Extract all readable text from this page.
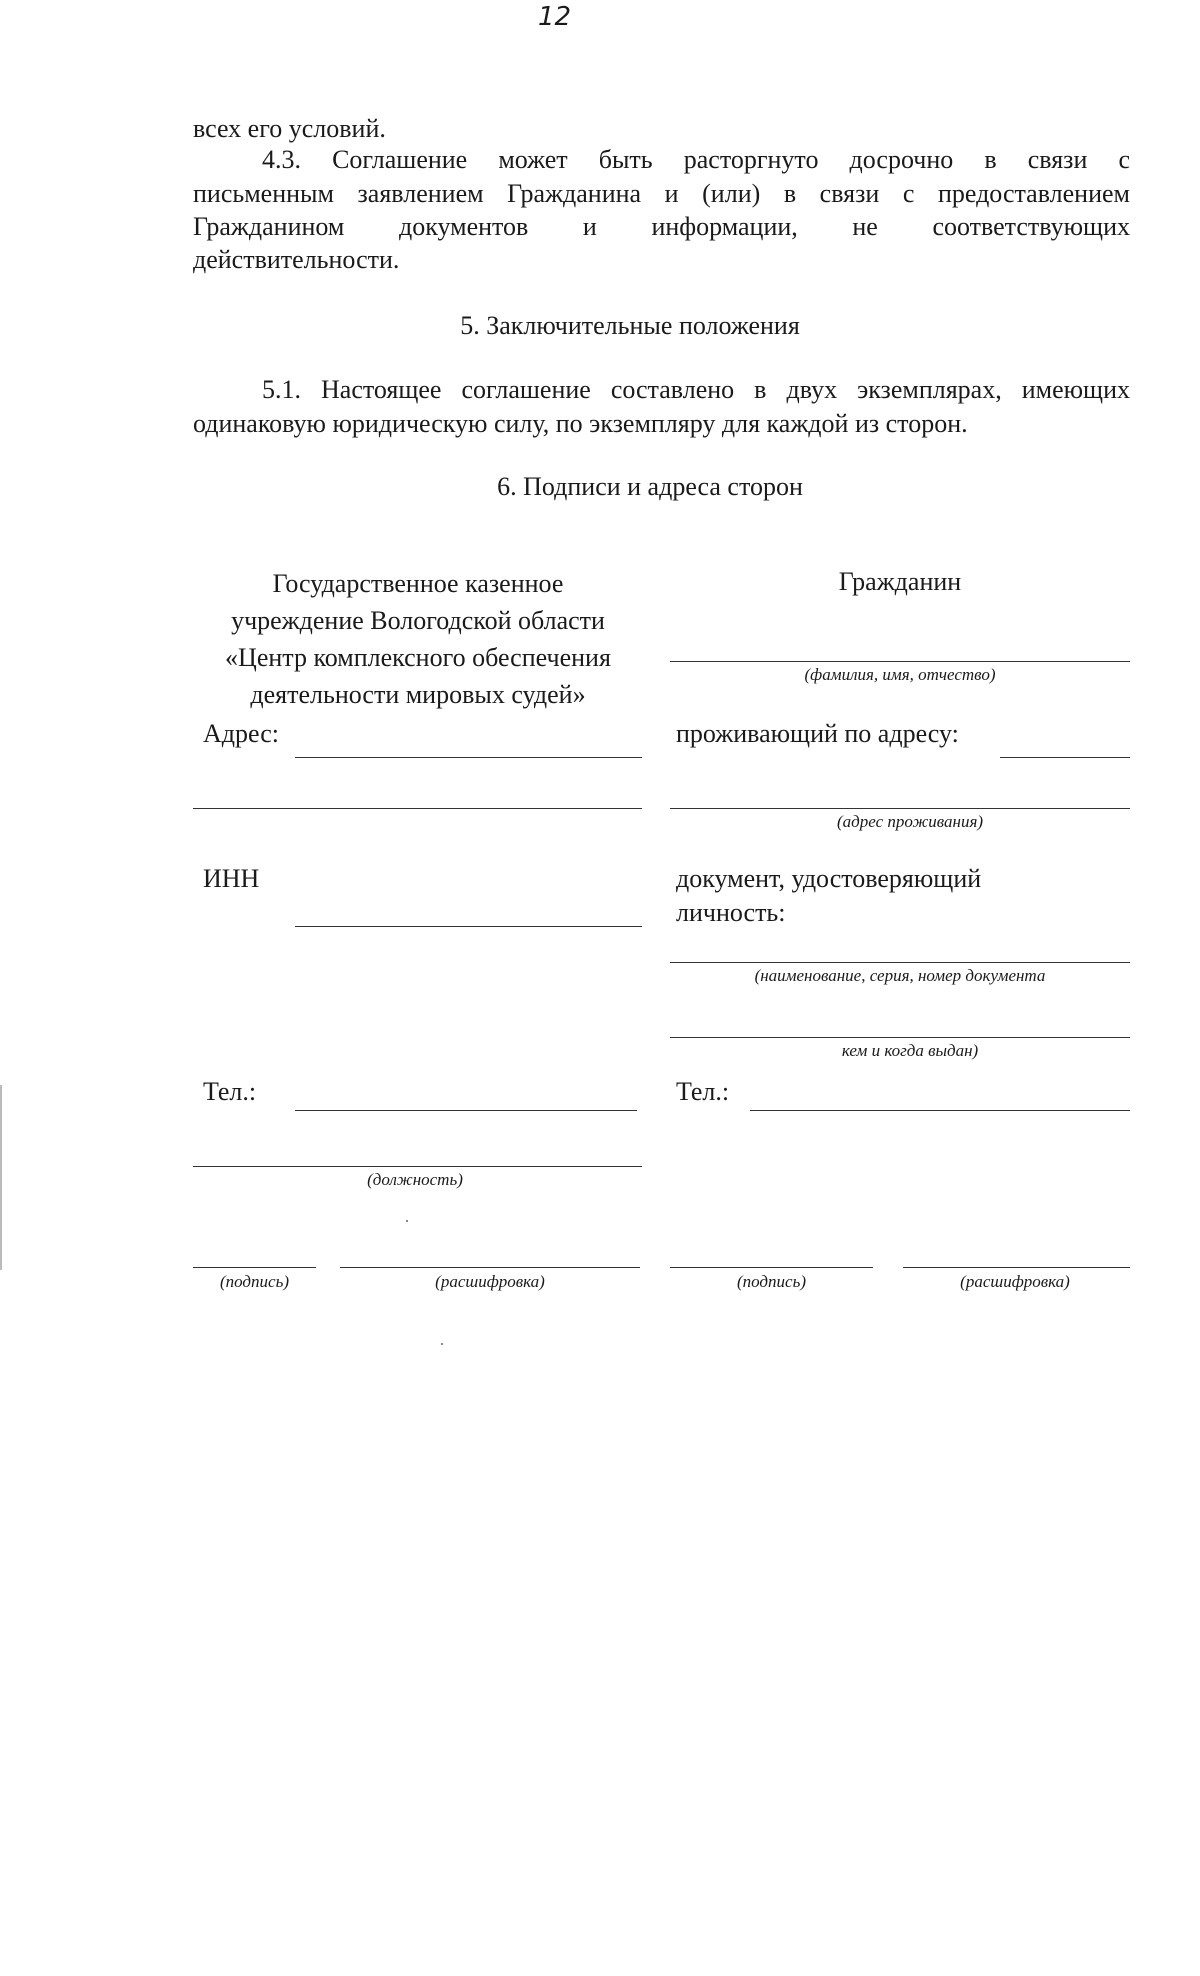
12
всех его условий.
4.3. Соглашение может быть расторгнуто досрочно в связи с
письменным заявлением Гражданина и (или) в связи с предоставлением
Гражданином документов и информации, не соответствующих
действительности.
5. Заключительные положения
5.1. Настоящее соглашение составлено в двух экземплярах, имеющих
одинаковую юридическую силу, по экземпляру для каждой из сторон.
6. Подписи и адреса сторон
Государственное казенное
учреждение Вологодской области
«Центр комплексного обеспечения
деятельности мировых судей»
Адрес:
ИНН
Тел.:
(должность)
(подпись)	(расшифровка)
Гражданин
(фамилия, имя, отчество)
проживающий по адресу:
(адрес проживания)
документ, удостоверяющий
личность:
(наименование, серия, номер документа
кем и когда выдан)
Тел.:
(подпись)	(расшифровка)
